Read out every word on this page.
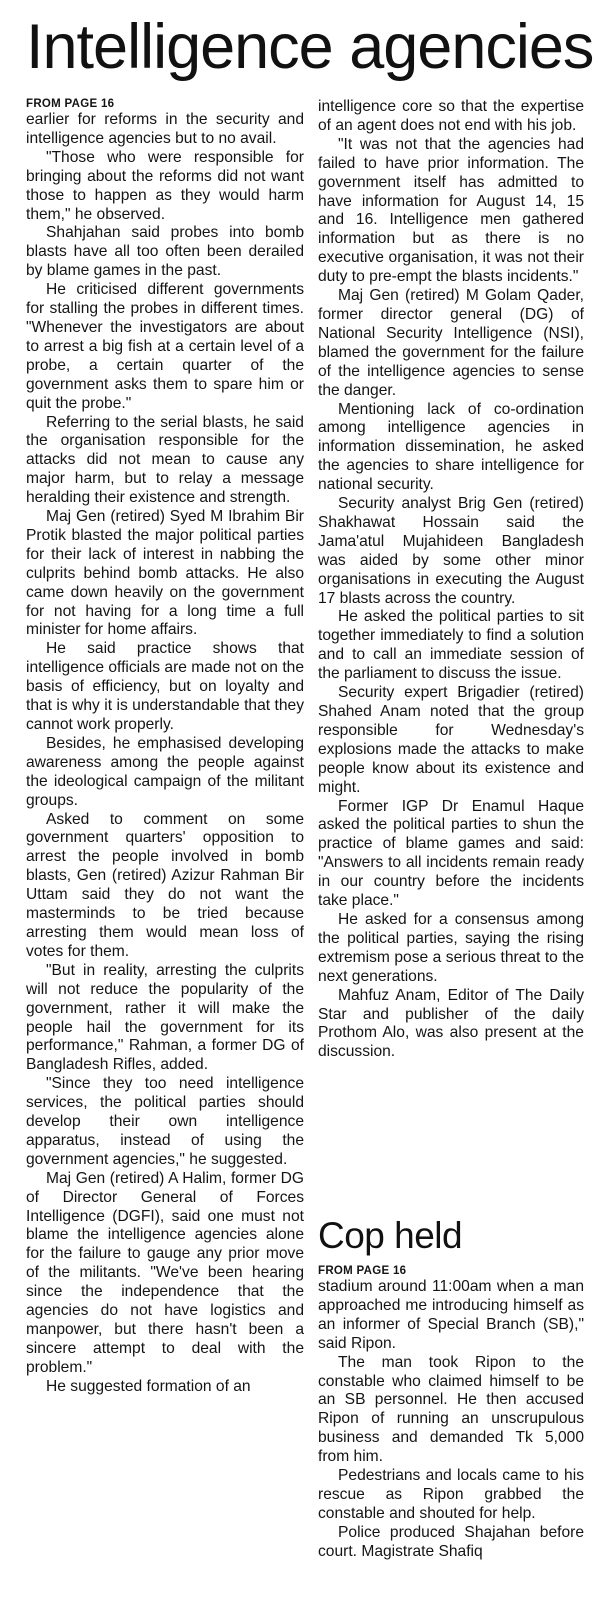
Intelligence agencies
FROM PAGE 16

earlier for reforms in the security and intelligence agencies but to no avail.

"Those who were responsible for bringing about the reforms did not want those to happen as they would harm them," he observed.

Shahjahan said probes into bomb blasts have all too often been derailed by blame games in the past.

He criticised different governments for stalling the probes in different times. "Whenever the investigators are about to arrest a big fish at a certain level of a probe, a certain quarter of the government asks them to spare him or quit the probe."

Referring to the serial blasts, he said the organisation responsible for the attacks did not mean to cause any major harm, but to relay a message heralding their existence and strength.

Maj Gen (retired) Syed M Ibrahim Bir Protik blasted the major political parties for their lack of interest in nabbing the culprits behind bomb attacks. He also came down heavily on the government for not having for a long time a full minister for home affairs.

He said practice shows that intelligence officials are made not on the basis of efficiency, but on loyalty and that is why it is understandable that they cannot work properly.

Besides, he emphasised developing awareness among the people against the ideological campaign of the militant groups.

Asked to comment on some government quarters' opposition to arrest the people involved in bomb blasts, Gen (retired) Azizur Rahman Bir Uttam said they do not want the masterminds to be tried because arresting them would mean loss of votes for them.

"But in reality, arresting the culprits will not reduce the popularity of the government, rather it will make the people hail the government for its performance," Rahman, a former DG of Bangladesh Rifles, added.

"Since they too need intelligence services, the political parties should develop their own intelligence apparatus, instead of using the government agencies," he suggested.

Maj Gen (retired) A Halim, former DG of Director General of Forces Intelligence (DGFI), said one must not blame the intelligence agencies alone for the failure to gauge any prior move of the militants. "We've been hearing since the independence that the agencies do not have logistics and manpower, but there hasn't been a sincere attempt to deal with the problem."

He suggested formation of an

intelligence core so that the expertise of an agent does not end with his job.

"It was not that the agencies had failed to have prior information. The government itself has admitted to have information for August 14, 15 and 16. Intelligence men gathered information but as there is no executive organisation, it was not their duty to pre-empt the blasts incidents."

Maj Gen (retired) M Golam Qader, former director general (DG) of National Security Intelligence (NSI), blamed the government for the failure of the intelligence agencies to sense the danger.

Mentioning lack of co-ordination among intelligence agencies in information dissemination, he asked the agencies to share intelligence for national security.

Security analyst Brig Gen (retired) Shakhawat Hossain said the Jama'atul Mujahideen Bangladesh was aided by some other minor organisations in executing the August 17 blasts across the country.

He asked the political parties to sit together immediately to find a solution and to call an immediate session of the parliament to discuss the issue.

Security expert Brigadier (retired) Shahed Anam noted that the group responsible for Wednesday's explosions made the attacks to make people know about its existence and might.

Former IGP Dr Enamul Haque asked the political parties to shun the practice of blame games and said: "Answers to all incidents remain ready in our country before the incidents take place."

He asked for a consensus among the political parties, saying the rising extremism pose a serious threat to the next generations.

Mahfuz Anam, Editor of The Daily Star and publisher of the daily Prothom Alo, was also present at the discussion.

Cop held
FROM PAGE 16

stadium around 11:00am when a man approached me introducing himself as an informer of Special Branch (SB)," said Ripon.

The man took Ripon to the constable who claimed himself to be an SB personnel. He then accused Ripon of running an unscrupulous business and demanded Tk 5,000 from him.

Pedestrians and locals came to his rescue as Ripon grabbed the constable and shouted for help.

Police produced Shajahan before court. Magistrate Shafiq
